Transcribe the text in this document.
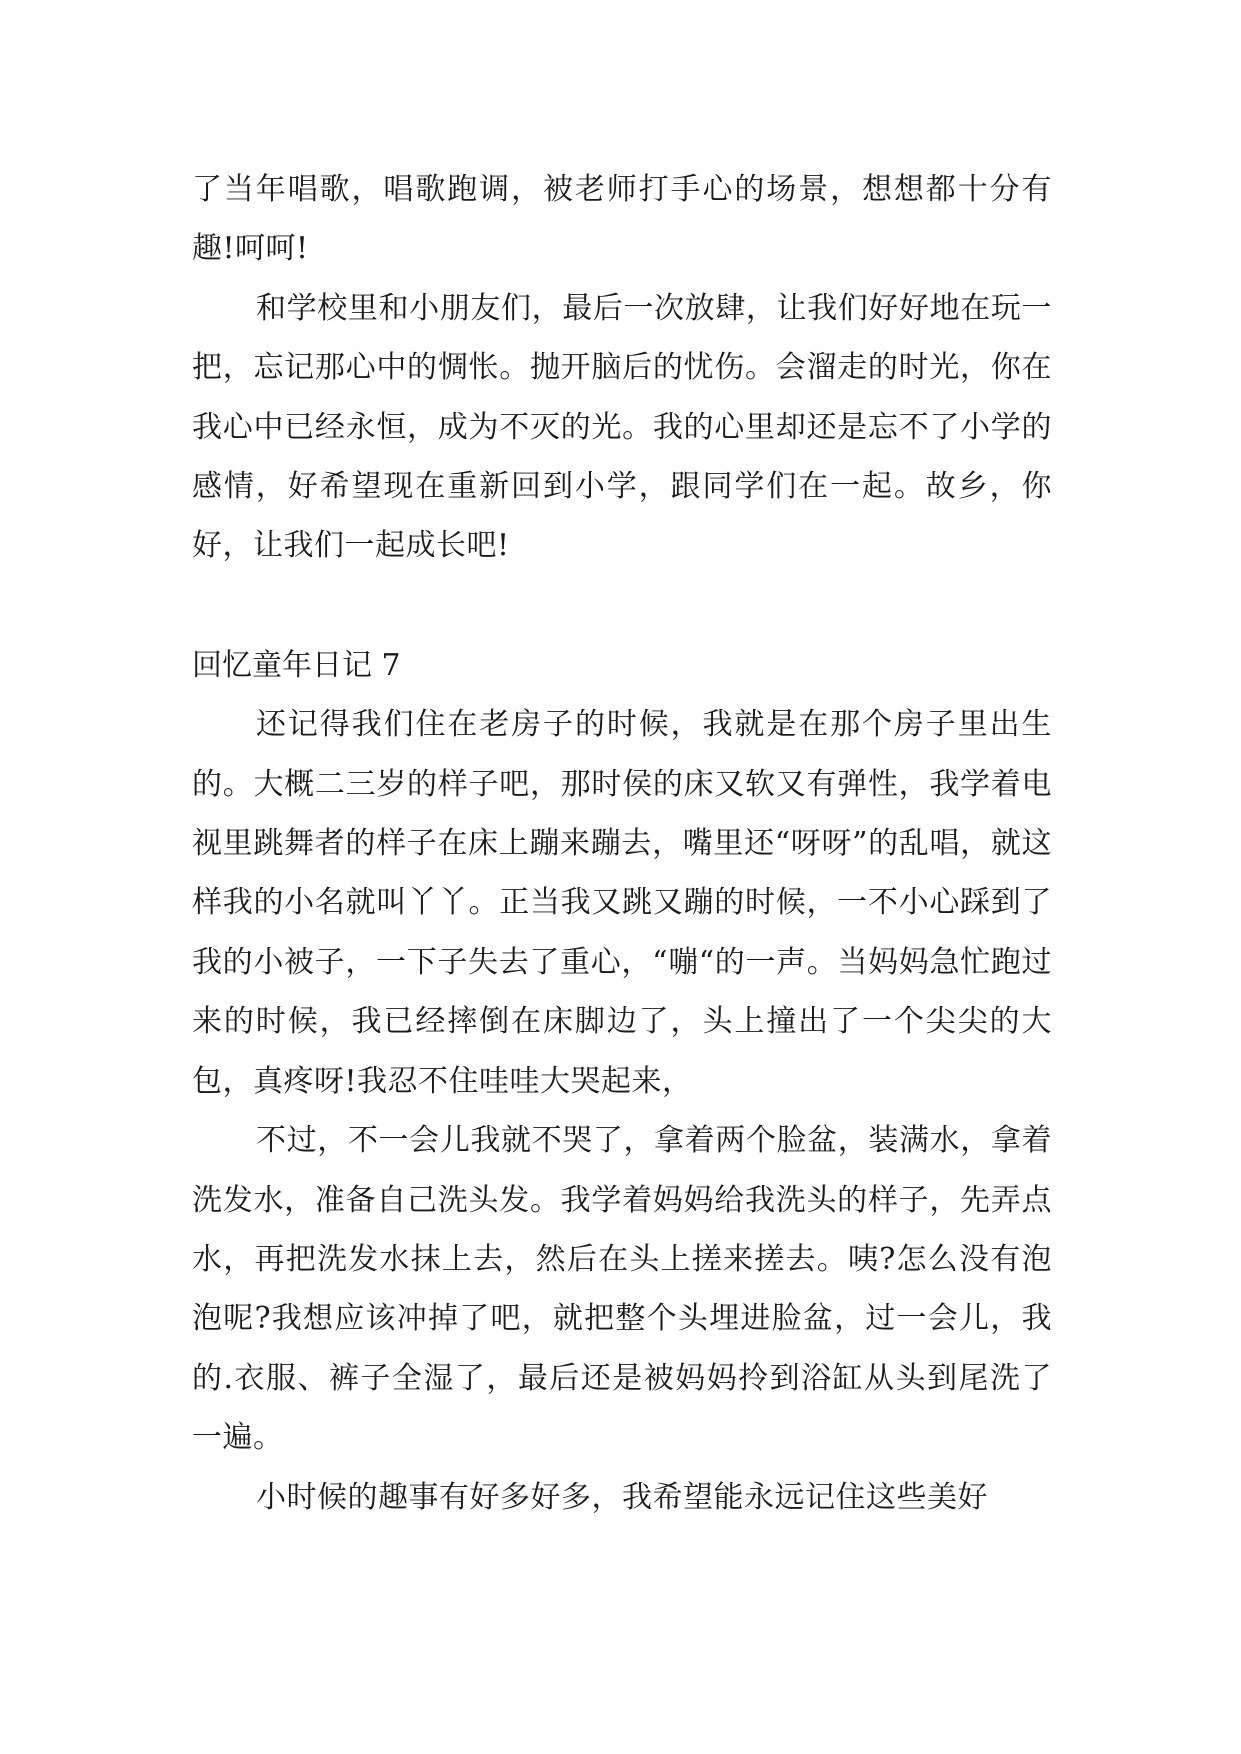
了当年唱歌，唱歌跑调，被老师打手心的场景，想想都十分有趣!呵呵!

和学校里和小朋友们，最后一次放肆，让我们好好地在玩一把，忘记那心中的惆怅。抛开脑后的忧伤。会溜走的时光，你在我心中已经永恒，成为不灭的光。我的心里却还是忘不了小学的感情，好希望现在重新回到小学，跟同学们在一起。故乡，你好，让我们一起成长吧!

回忆童年日记 7

还记得我们住在老房子的时候，我就是在那个房子里出生的。大概二三岁的样子吧，那时侯的床又软又有弹性，我学着电视里跳舞者的样子在床上蹦来蹦去，嘴里还“呀呀”的乱唱，就这样我的小名就叫丫丫。正当我又跳又蹦的时候，一不小心踩到了我的小被子，一下子失去了重心，“嘣“的一声。当妈妈急忙跑过来的时候，我已经摔倒在床脚边了，头上撞出了一个尖尖的大包，真疼呀!我忍不住哇哇大哭起来，

不过，不一会儿我就不哭了，拿着两个脸盆，装满水，拿着洗发水，准备自己洗头发。我学着妈妈给我洗头的样子，先弄点水，再把洗发水抹上去，然后在头上搓来搓去。咦?怎么没有泡泡呢?我想应该冲掉了吧，就把整个头埋进脸盆，过一会儿，我的.衣服、裤子全湿了，最后还是被妈妈拎到浴缸从头到尾洗了一遍。

小时候的趣事有好多好多，我希望能永远记住这些美好
